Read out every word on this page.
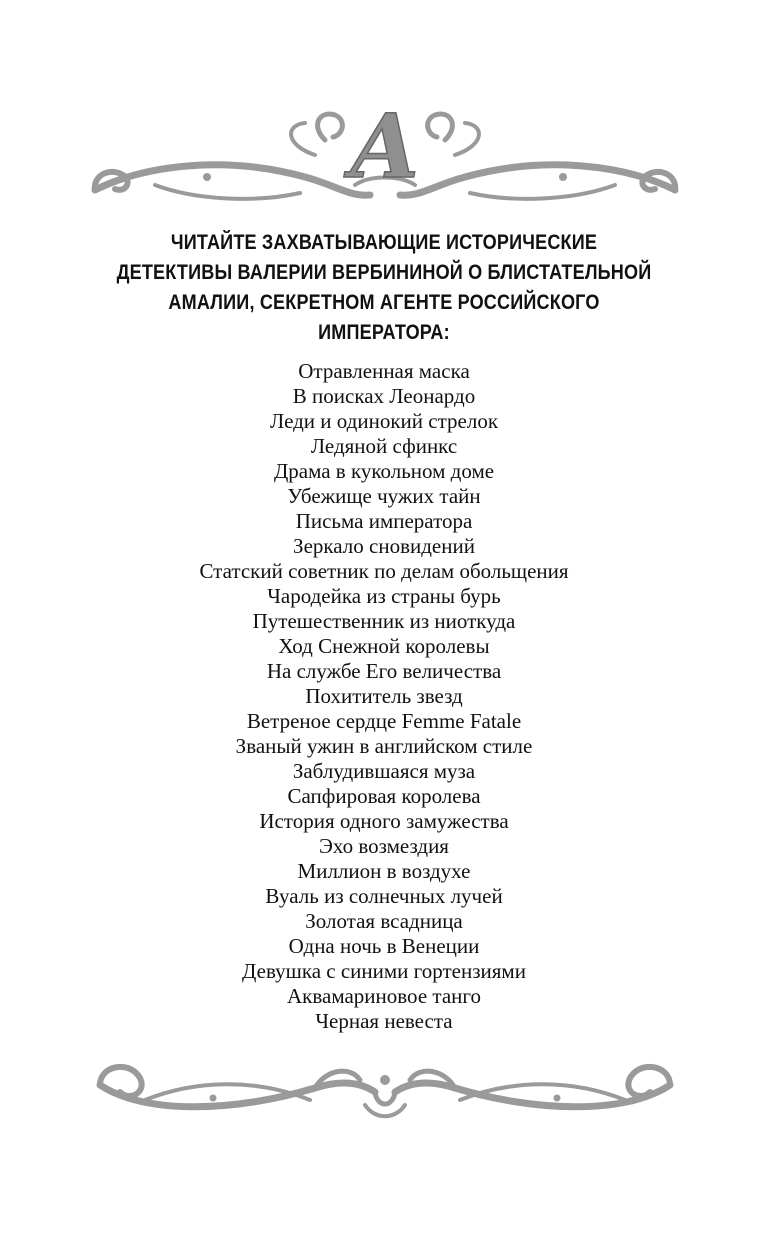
А
ЧИТАЙТЕ ЗАХВАТЫВАЮЩИЕ ИСТОРИЧЕСКИЕ
ДЕТЕКТИВЫ ВАЛЕРИИ ВЕРБИНИНОЙ О БЛИСТАТЕЛЬНОЙ
АМАЛИИ, СЕКРЕТНОМ АГЕНТЕ РОССИЙСКОГО
ИМПЕРАТОРА:
Отравленная маска
В поисках Леонардо
Леди и одинокий стрелок
Ледяной сфинкс
Драма в кукольном доме
Убежище чужих тайн
Письма императора
Зеркало сновидений
Статский советник по делам обольщения
Чародейка из страны бурь
Путешественник из ниоткуда
Ход Снежной королевы
На службе Его величества
Похититель звезд
Ветреное сердце Femme Fatale
Званый ужин в английском стиле
Заблудившаяся муза
Сапфировая королева
История одного замужества
Эхо возмездия
Миллион в воздухе
Вуаль из солнечных лучей
Золотая всадница
Одна ночь в Венеции
Девушка с синими гортензиями
Аквамариновое танго
Черная невеста
